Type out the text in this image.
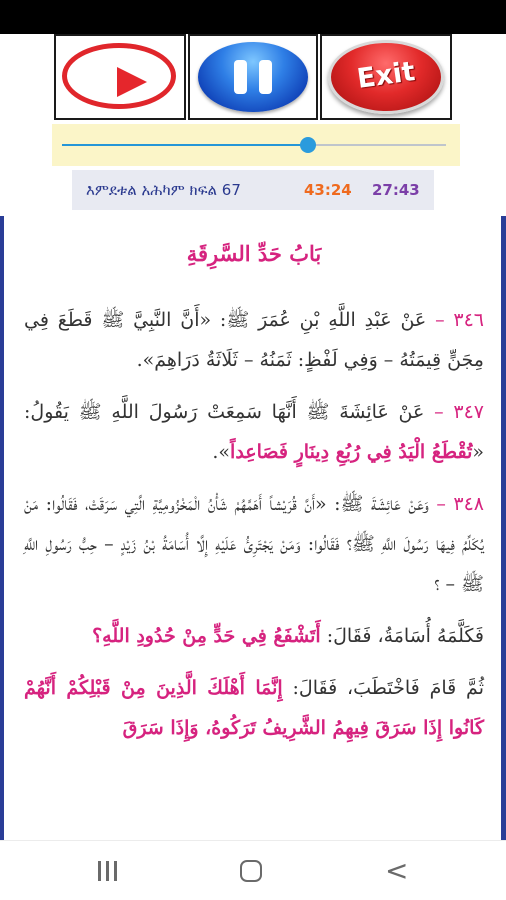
Exit
እምደቱል አሕካም ክፍል 67	43:24 27:43
بَابُ حَدِّ السَّرِقَةِ

٣٤٦ – عَنْ عَبْدِ اللَّهِ بْنِ عُمَرَ ﷺ: «أَنَّ النَّبِيَّ ﷺ قَطَعَ فِي مِجَنٍّ قِيمَتُهُ – وَفِي لَفْظٍ: ثَمَنُهُ – ثَلَاثَةُ دَرَاهِمَ».

٣٤٧ – عَنْ عَائِشَةَ ﷺ أَنَّهَا سَمِعَتْ رَسُولَ اللَّهِ ﷺ يَقُولُ: «تُقْطَعُ الْيَدُ فِي رُبُعِ دِينَارٍ فَصَاعِداً».

٣٤٨ – وَعَنْ عَائِشَةَ ﷺ: «أَنَّ قُرَيْشاً أَهَمَّهُمْ شَأْنُ الْمَخْزُومِيَّةِ الَّتِي سَرَقَتْ، فَقَالُوا: مَنْ يُكَلِّمُ فِيهَا رَسُولَ اللَّهِ ﷺ؟ فَقَالُوا: وَمَنْ يَجْتَرِئُ عَلَيْهِ إِلَّا أُسَامَةُ بْنُ زَيْدٍ – حِبُّ رَسُولِ اللَّهِ ﷺ – ؟

فَكَلَّمَهُ أُسَامَةُ، فَقَالَ: أَتَشْفَعُ فِي حَدٍّ مِنْ حُدُودِ اللَّهِ؟

ثُمَّ قَامَ فَاخْتَطَبَ، فَقَالَ: إِنَّمَا أَهْلَكَ الَّذِينَ مِنْ قَبْلِكُمْ أَنَّهُمْ كَانُوا إِذَا سَرَقَ فِيهِمُ الشَّرِيفُ تَرَكُوهُ، وَإِذَا سَرَقَ

<
